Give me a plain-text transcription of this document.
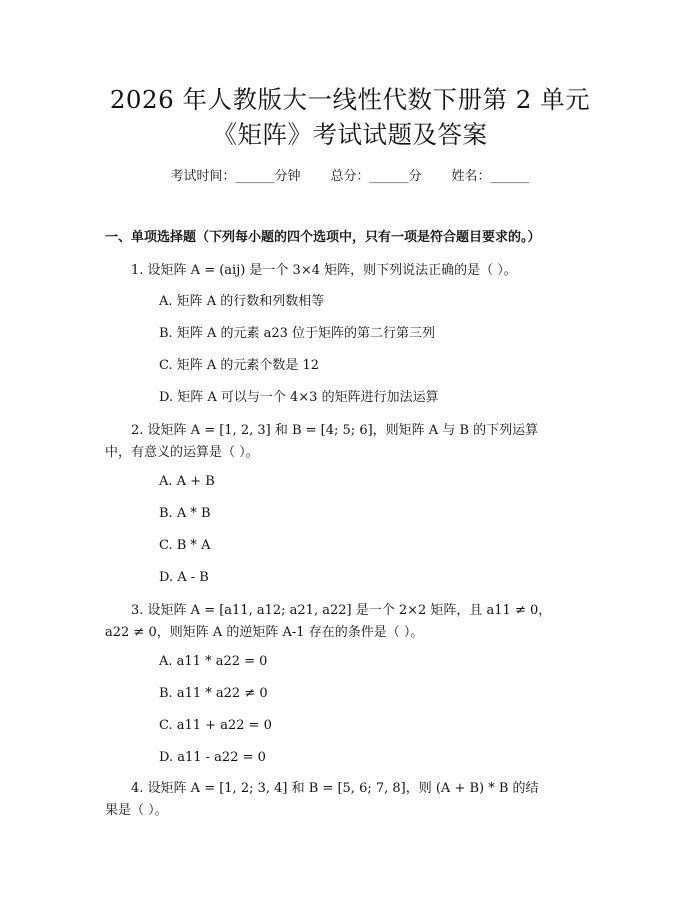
2026 年人教版大一线性代数下册第 2 单元
《矩阵》考试试题及答案
考试时间：______分钟 总分：______分 姓名：______
一、单项选择题（下列每小题的四个选项中，只有一项是符合题目要求的。）
1. 设矩阵 A = (aij) 是一个 3×4 矩阵，则下列说法正确的是（ ）。
A. 矩阵 A 的行数和列数相等
B. 矩阵 A 的元素 a23 位于矩阵的第二行第三列
C. 矩阵 A 的元素个数是 12
D. 矩阵 A 可以与一个 4×3 的矩阵进行加法运算
2. 设矩阵 A = [1, 2, 3] 和 B = [4; 5; 6]，则矩阵 A 与 B 的下列运算
中，有意义的运算是（ ）。
A. A + B
B. A * B
C. B * A
D. A - B
3. 设矩阵 A = [a11, a12; a21, a22] 是一个 2×2 矩阵，且 a11 ≠ 0，
a22 ≠ 0，则矩阵 A 的逆矩阵 A-1 存在的条件是（ ）。
A. a11 * a22 = 0
B. a11 * a22 ≠ 0
C. a11 + a22 = 0
D. a11 - a22 = 0
4. 设矩阵 A = [1, 2; 3, 4] 和 B = [5, 6; 7, 8]，则 (A + B) * B 的结
果是（ ）。
